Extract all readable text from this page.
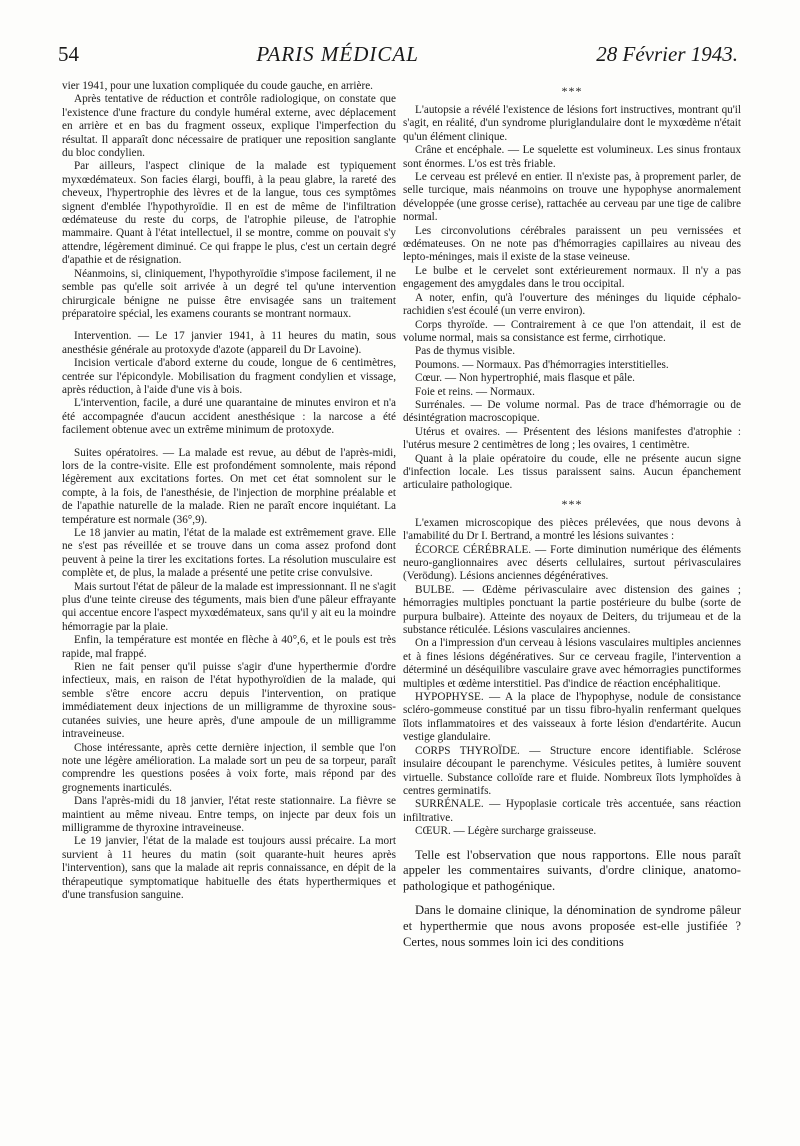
54	PARIS MÉDICAL	28 Février 1943.

vier 1941, pour une luxation compliquée du coude gauche, en arrière.

Après tentative de réduction et contrôle radiologique, on constate que l'existence d'une fracture du condyle huméral externe, avec déplacement en arrière et en bas du fragment osseux, explique l'imperfection du résultat. Il apparaît donc nécessaire de pratiquer une reposition sanglante du bloc condylien.

Par ailleurs, l'aspect clinique de la malade est typiquement myxœdémateux. Son facies élargi, bouffi, à la peau glabre, la rareté des cheveux, l'hypertrophie des lèvres et de la langue, tous ces symptômes signent d'emblée l'hypothyroïdie. Il en est de même de l'infiltration œdémateuse du reste du corps, de l'atrophie pileuse, de l'atrophie mammaire. Quant à l'état intellectuel, il se montre, comme on pouvait s'y attendre, légèrement diminué. Ce qui frappe le plus, c'est un certain degré d'apathie et de résignation.

Néanmoins, si, cliniquement, l'hypothyroïdie s'impose facilement, il ne semble pas qu'elle soit arrivée à un degré tel qu'une intervention chirurgicale bénigne ne puisse être envisagée sans un traitement préparatoire spécial, les examens courants se montrant normaux.

Intervention. — Le 17 janvier 1941, à 11 heures du matin, sous anesthésie générale au protoxyde d'azote (appareil du Dr Lavoine).

Incision verticale d'abord externe du coude, longue de 6 centimètres, centrée sur l'épicondyle. Mobilisation du fragment condylien et vissage, après réduction, à l'aide d'une vis à bois.

L'intervention, facile, a duré une quarantaine de minutes environ et n'a été accompagnée d'aucun accident anesthésique : la narcose a été facilement obtenue avec un extrême minimum de protoxyde.

Suites opératoires. — La malade est revue, au début de l'après-midi, lors de la contre-visite. Elle est profondément somnolente, mais répond légèrement aux excitations fortes. On met cet état somnolent sur le compte, à la fois, de l'anesthésie, de l'injection de morphine préalable et de l'apathie naturelle de la malade. Rien ne paraît encore inquiétant. La température est normale (36°,9).

Le 18 janvier au matin, l'état de la malade est extrêmement grave. Elle ne s'est pas réveillée et se trouve dans un coma assez profond dont peuvent à peine la tirer les excitations fortes. La résolution musculaire est complète et, de plus, la malade a présenté une petite crise convulsive.

Mais surtout l'état de pâleur de la malade est impressionnant. Il ne s'agit plus d'une teinte cireuse des téguments, mais bien d'une pâleur effrayante qui accentue encore l'aspect myxœdémateux, sans qu'il y ait eu la moindre hémorragie par la plaie.

Enfin, la température est montée en flèche à 40°,6, et le pouls est très rapide, mal frappé.

Rien ne fait penser qu'il puisse s'agir d'une hyperthermie d'ordre infectieux, mais, en raison de l'état hypothyroïdien de la malade, qui semble s'être encore accru depuis l'intervention, on pratique immédiatement deux injections de un milligramme de thyroxine sous-cutanées suivies, une heure après, d'une ampoule de un milligramme intraveineuse.

Chose intéressante, après cette dernière injection, il semble que l'on note une légère amélioration. La malade sort un peu de sa torpeur, paraît comprendre les questions posées à voix forte, mais répond par des grognements inarticulés.

Dans l'après-midi du 18 janvier, l'état reste stationnaire. La fièvre se maintient au même niveau. Entre temps, on injecte par deux fois un milligramme de thyroxine intraveineuse.

Le 19 janvier, l'état de la malade est toujours aussi précaire. La mort survient à 11 heures du matin (soit quarante-huit heures après l'intervention), sans que la malade ait repris connaissance, en dépit de la thérapeutique symptomatique habituelle des états hyperthermiques et d'une transfusion sanguine.

***

L'autopsie a révélé l'existence de lésions fort instructives, montrant qu'il s'agit, en réalité, d'un syndrome pluriglandulaire dont le myxœdème n'était qu'un élément clinique.

Crâne et encéphale. — Le squelette est volumineux. Les sinus frontaux sont énormes. L'os est très friable.

Le cerveau est prélevé en entier. Il n'existe pas, à proprement parler, de selle turcique, mais néanmoins on trouve une hypophyse anormalement développée (une grosse cerise), rattachée au cerveau par une tige de calibre normal.

Les circonvolutions cérébrales paraissent un peu vernissées et œdémateuses. On ne note pas d'hémorragies capillaires au niveau des lepto-méninges, mais il existe de la stase veineuse.

Le bulbe et le cervelet sont extérieurement normaux. Il n'y a pas engagement des amygdales dans le trou occipital.

A noter, enfin, qu'à l'ouverture des méninges du liquide céphalo-rachidien s'est écoulé (un verre environ).

Corps thyroïde. — Contrairement à ce que l'on attendait, il est de volume normal, mais sa consistance est ferme, cirrhotique.

Pas de thymus visible.

Poumons. — Normaux. Pas d'hémorragies interstitielles.

Cœur. — Non hypertrophié, mais flasque et pâle.

Foie et reins. — Normaux.

Surrénales. — De volume normal. Pas de trace d'hémorragie ou de désintégration macroscopique.

Utérus et ovaires. — Présentent des lésions manifestes d'atrophie : l'utérus mesure 2 centimètres de long ; les ovaires, 1 centimètre.

Quant à la plaie opératoire du coude, elle ne présente aucun signe d'infection locale. Les tissus paraissent sains. Aucun épanchement articulaire pathologique.

***

L'examen microscopique des pièces prélevées, que nous devons à l'amabilité du Dr I. Bertrand, a montré les lésions suivantes :

ÉCORCE CÉRÉBRALE. — Forte diminution numérique des éléments neuro-ganglionnaires avec déserts cellulaires, surtout périvasculaires (Verödung). Lésions anciennes dégénératives.

BULBE. — Œdème périvasculaire avec distension des gaines ; hémorragies multiples ponctuant la partie postérieure du bulbe (sorte de purpura bulbaire). Atteinte des noyaux de Deiters, du trijumeau et de la substance réticulée. Lésions vasculaires anciennes.

On a l'impression d'un cerveau à lésions vasculaires multiples anciennes et à fines lésions dégénératives. Sur ce cerveau fragile, l'intervention a déterminé un déséquilibre vasculaire grave avec hémorragies punctiformes multiples et œdème interstitiel. Pas d'indice de réaction encéphalitique.

HYPOPHYSE. — A la place de l'hypophyse, nodule de consistance scléro-gommeuse constitué par un tissu fibro-hyalin renfermant quelques îlots inflammatoires et des vaisseaux à forte lésion d'endartérite. Aucun vestige glandulaire.

CORPS THYROÏDE. — Structure encore identifiable. Sclérose insulaire découpant le parenchyme. Vésicules petites, à lumière souvent virtuelle. Substance colloïde rare et fluide. Nombreux îlots lymphoïdes à centres germinatifs.

SURRÉNALE. — Hypoplasie corticale très accentuée, sans réaction infiltrative.

CŒUR. — Légère surcharge graisseuse.

Telle est l'observation que nous rapportons. Elle nous paraît appeler les commentaires suivants, d'ordre clinique, anatomo-pathologique et pathogénique.

Dans le domaine clinique, la dénomination de syndrome pâleur et hyperthermie que nous avons proposée est-elle justifiée ? Certes, nous sommes loin ici des conditions
